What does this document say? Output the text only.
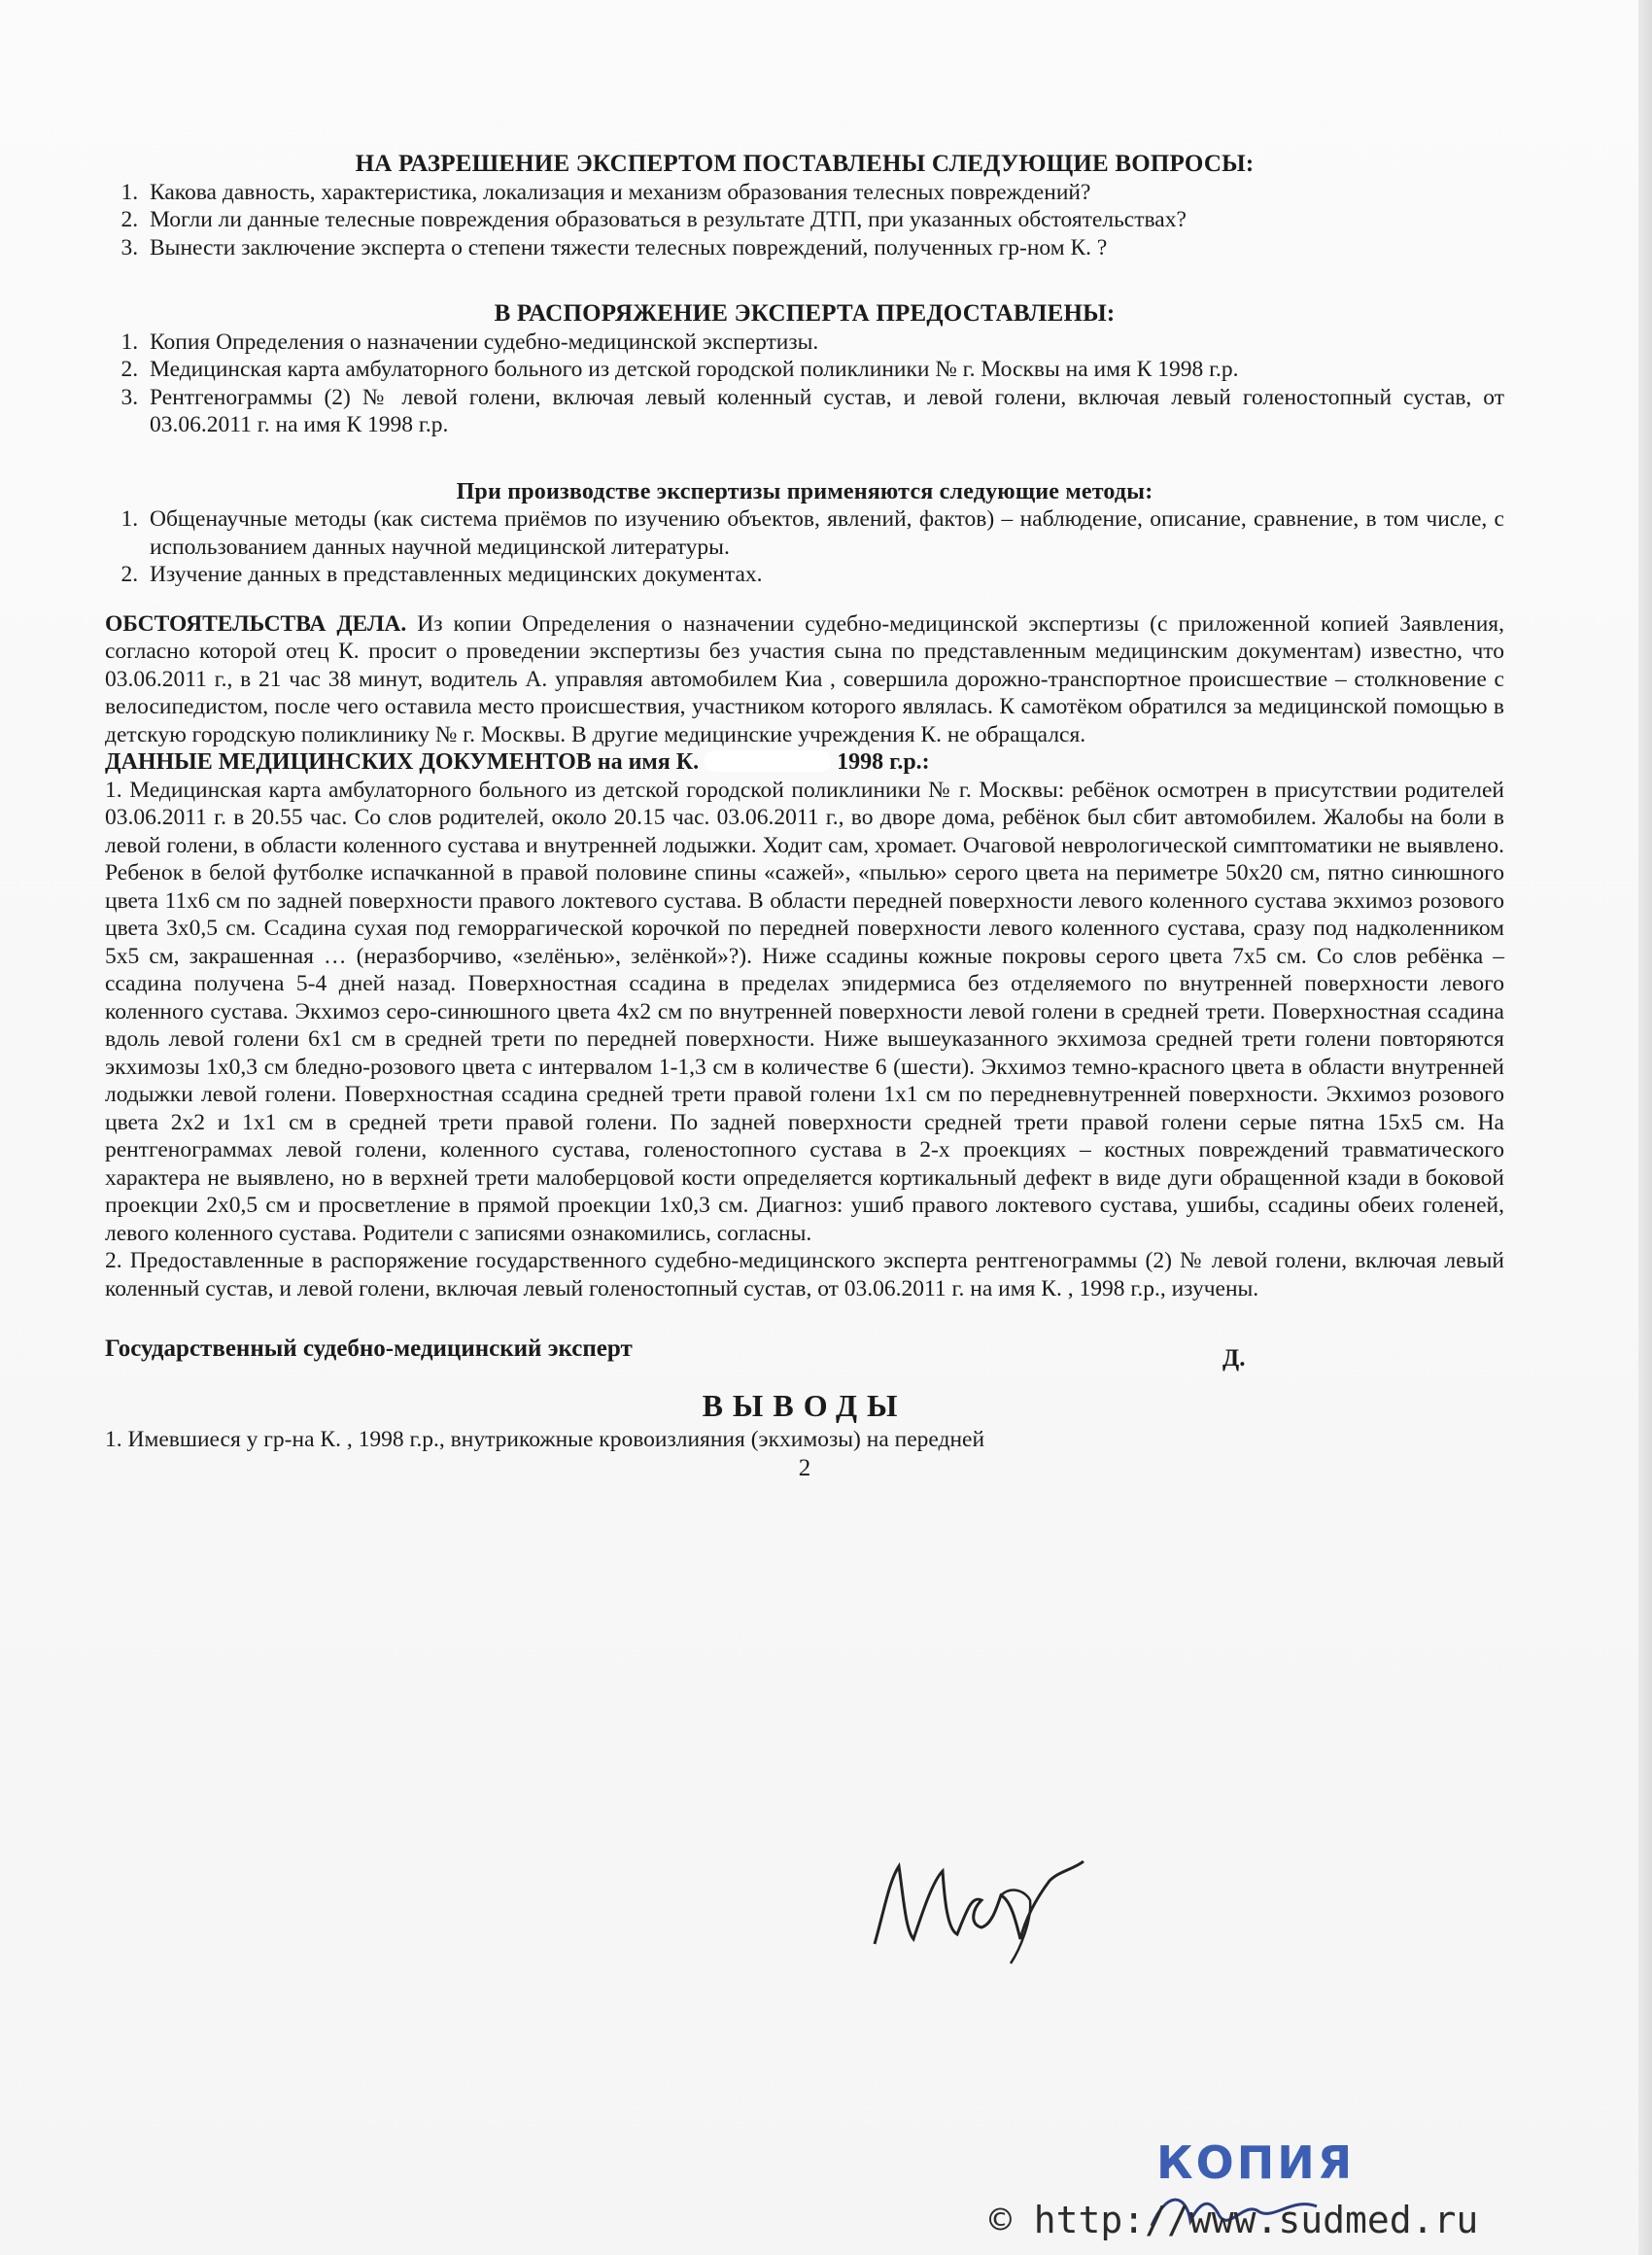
НА РАЗРЕШЕНИЕ ЭКСПЕРТОМ ПОСТАВЛЕНЫ СЛЕДУЮЩИЕ ВОПРОСЫ:
1. Какова давность, характеристика, локализация и механизм образования телесных повреждений?
2. Могли ли данные телесные повреждения образоваться в результате ДТП, при указанных обстоятельствах?
3. Вынести заключение эксперта о степени тяжести телесных повреждений, полученных гр-ном К. ?
В РАСПОРЯЖЕНИЕ ЭКСПЕРТА ПРЕДОСТАВЛЕНЫ:
1. Копия Определения о назначении судебно-медицинской экспертизы.
2. Медицинская карта амбулаторного больного из детской городской поликлиники № г. Москвы на имя К 1998 г.р.
3. Рентгенограммы (2) № левой голени, включая левый коленный сустав, и левой голени, включая левый голеностопный сустав, от 03.06.2011 г. на имя К 1998 г.р.
При производстве экспертизы применяются следующие методы:
1. Общенаучные методы (как система приёмов по изучению объектов, явлений, фактов) – наблюдение, описание, сравнение, в том числе, с использованием данных научной медицинской литературы.
2. Изучение данных в представленных медицинских документах.

ОБСТОЯТЕЛЬСТВА ДЕЛА. Из копии Определения о назначении судебно-медицинской экспертизы (с приложенной копией Заявления, согласно которой отец К. просит о проведении экспертизы без участия сына по представленным медицинским документам) известно, что 03.06.2011 г., в 21 час 38 минут, водитель А. управляя автомобилем Киа , совершила дорожно-транспортное происшествие – столкновение с велосипедистом, после чего оставила место происшествия, участником которого являлась. К самотёком обратился за медицинской помощью в детскую городскую поликлинику № г. Москвы. В другие медицинские учреждения К. не обращался.

ДАННЫЕ МЕДИЦИНСКИХ ДОКУМЕНТОВ на имя К.	1998 г.р.:

1. Медицинская карта амбулаторного больного из детской городской поликлиники № г. Москвы: ребёнок осмотрен в присутствии родителей 03.06.2011 г. в 20.55 час. Со слов родителей, около 20.15 час. 03.06.2011 г., во дворе дома, ребёнок был сбит автомобилем. Жалобы на боли в левой голени, в области коленного сустава и внутренней лодыжки. Ходит сам, хромает. Очаговой неврологической симптоматики не выявлено. Ребенок в белой футболке испачканной в правой половине спины «сажей», «пылью» серого цвета на периметре 50х20 см, пятно синюшного цвета 11х6 см по задней поверхности правого локтевого сустава. В области передней поверхности левого коленного сустава экхимоз розового цвета 3х0,5 см. Ссадина сухая под геморрагической корочкой по передней поверхности левого коленного сустава, сразу под надколенником 5х5 см, закрашенная … (неразборчиво, «зелёнью», зелёнкой»?). Ниже ссадины кожные покровы серого цвета 7х5 см. Со слов ребёнка – ссадина получена 5-4 дней назад. Поверхностная ссадина в пределах эпидермиса без отделяемого по внутренней поверхности левого коленного сустава. Экхимоз серо-синюшного цвета 4х2 см по внутренней поверхности левой голени в средней трети. Поверхностная ссадина вдоль левой голени 6х1 см в средней трети по передней поверхности. Ниже вышеуказанного экхимоза средней трети голени повторяются экхимозы 1х0,3 см бледно-розового цвета с интервалом 1-1,3 см в количестве 6 (шести). Экхимоз темно-красного цвета в области внутренней лодыжки левой голени. Поверхностная ссадина средней трети правой голени 1х1 см по передневнутренней поверхности. Экхимоз розового цвета 2х2 и 1х1 см в средней трети правой голени. По задней поверхности средней трети правой голени серые пятна 15х5 см. На рентгенограммах левой голени, коленного сустава, голеностопного сустава в 2-х проекциях – костных повреждений травматического характера не выявлено, но в верхней трети малоберцовой кости определяется кортикальный дефект в виде дуги обращенной кзади в боковой проекции 2х0,5 см и просветление в прямой проекции 1х0,3 см. Диагноз: ушиб правого локтевого сустава, ушибы, ссадины обеих голеней, левого коленного сустава. Родители с записями ознакомились, согласны.

2. Предоставленные в распоряжение государственного судебно-медицинского эксперта рентгенограммы (2) № левой голени, включая левый коленный сустав, и левой голени, включая левый голеностопный сустав, от 03.06.2011 г. на имя К. , 1998 г.р., изучены.

Государственный судебно-медицинский эксперт	Д.
ВЫВОДЫ

1. Имевшиеся у гр-на К. , 1998 г.р., внутрикожные кровоизлияния (экхимозы) на передней

2
КОПИЯ
© http://www.sudmed.ru
